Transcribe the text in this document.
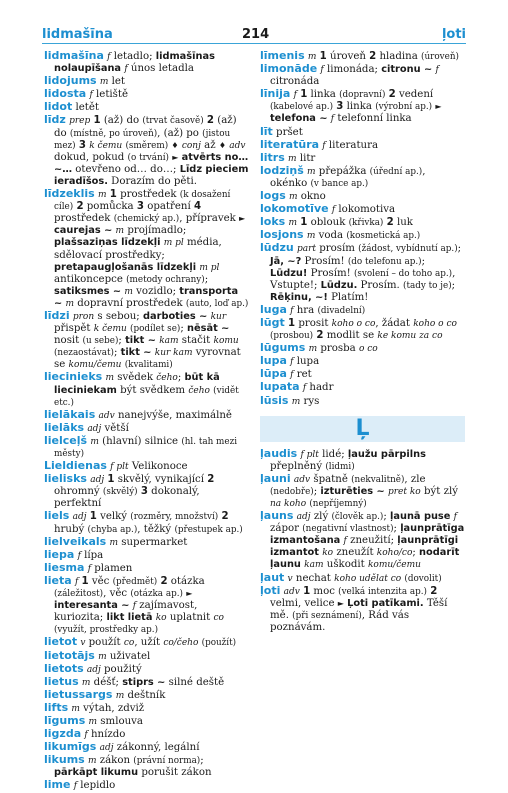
lidmašīna	214	ļoti

lidmašīna f letadlo; lidmašīnas nolaupīšana f únos letadla

lidojums m let

lidosta f letiště

lidot letět

līdz prep 1 (až) do (trvat časově) 2 (až) do (místně, po úroveň), (až) po (jistou mez) 3 k čemu (směrem) ♦ conj až ♦ adv dokud, pokud (o trvání) ► atvērts no… ~… otevřeno od… do…; Līdz pieciem ieradīšos. Dorazím do pěti.

līdzeklis m 1 prostředek (k dosažení cíle) 2 pomůcka 3 opatření 4 prostředek (chemický ap.), přípravek ► caurejas ~ m projímadlo; plašsaziņas līdzekļi m pl média, sdělovací prostředky; pretapaugļošanās līdzekļi m pl antikoncepce (metody ochrany); satiksmes ~ m vozidlo; transporta ~ m dopravní prostředek (auto, loď ap.)

līdzi pron s sebou; darboties ~ kur přispět k čemu (podílet se); nēsāt ~ nosit (u sebe); tikt ~ kam stačit komu (nezaostávat); tikt ~ kur kam vyrovnat se komu/čemu (kvalitami)

liecinieks m svědek čeho; būt kā lieciniekam být svědkem čeho (vidět etc.)

lielākais adv nanejvýše, maximálně

lielāks adj větší

lielceļš m (hlavní) silnice (hl. tah mezi městy)

Lieldienas f plt Velikonoce

lielisks adj 1 skvělý, vynikající 2 ohromný (skvělý) 3 dokonalý, perfektní

liels adj 1 velký (rozměry, množství) 2 hrubý (chyba ap.), těžký (přestupek ap.)

lielveikals m supermarket

liepa f lípa

liesma f plamen

lieta f 1 věc (předmět) 2 otázka (záležitost), věc (otázka ap.) ► interesanta ~ f zajímavost, kuriozita; likt lietā ko uplatnit co (využít, prostředky ap.)

lietot v použít co, užít co/čeho (použít)

lietotājs m uživatel

lietots adj použitý

lietus m déšť; stiprs ~ silné deště

lietussargs m deštník

lifts m výtah, zdviž

līgums m smlouva

ligzda f hnízdo

likumīgs adj zákonný, legální

likums m zákon (právní norma); pārkāpt likumu porušit zákon

lime f lepidlo

līmenis m 1 úroveň 2 hladina (úroveň)

limonāde f limonáda; citronu ~ f citronáda

līnija f 1 linka (dopravní) 2 vedení (kabelové ap.) 3 linka (výrobní ap.) ► telefona ~ f telefonní linka

līt pršet

literatūra f literatura

litrs m litr

lodziņš m přepážka (úřední ap.), okénko (v bance ap.)

logs m okno

lokomotīve f lokomotiva

loks m 1 oblouk (křivka) 2 luk

losjons m voda (kosmetická ap.)

lūdzu part prosím (žádost, vybídnutí ap.); Jā, ~? Prosím! (do telefonu ap.); Lūdzu! Prosím! (svolení – do toho ap.), Vstupte!; Lūdzu. Prosím. (tady to je); Rēķinu, ~! Platím!

luga f hra (divadelní)

lūgt 1 prosit koho o co, žádat koho o co (prosbou) 2 modlit se ke komu za co

lūgums m prosba o co

lupa f lupa

lūpa f ret

lupata f hadr

lūsis m rys

Ļ

ļaudis f plt lidé; ļaužu pārpilns přeplněný (lidmi)

ļauni adv špatně (nekvalitně), zle (nedobře); izturēties ~ pret ko být zlý na koho (nepříjemný)

ļauns adj zlý (člověk ap.); ļaunā puse f zápor (negativní vlastnost); ļaunprātīga izmantošana f zneužití; ļaunprātīgi izmantot ko zneužít koho/co; nodarīt ļaunu kam uškodit komu/čemu

ļaut v nechat koho udělat co (dovolit)

ļoti adv 1 moc (velká intenzita ap.) 2 velmi, velice ► Ļoti patīkami. Těší mě. (při seznámení), Rád vás poznávám.
